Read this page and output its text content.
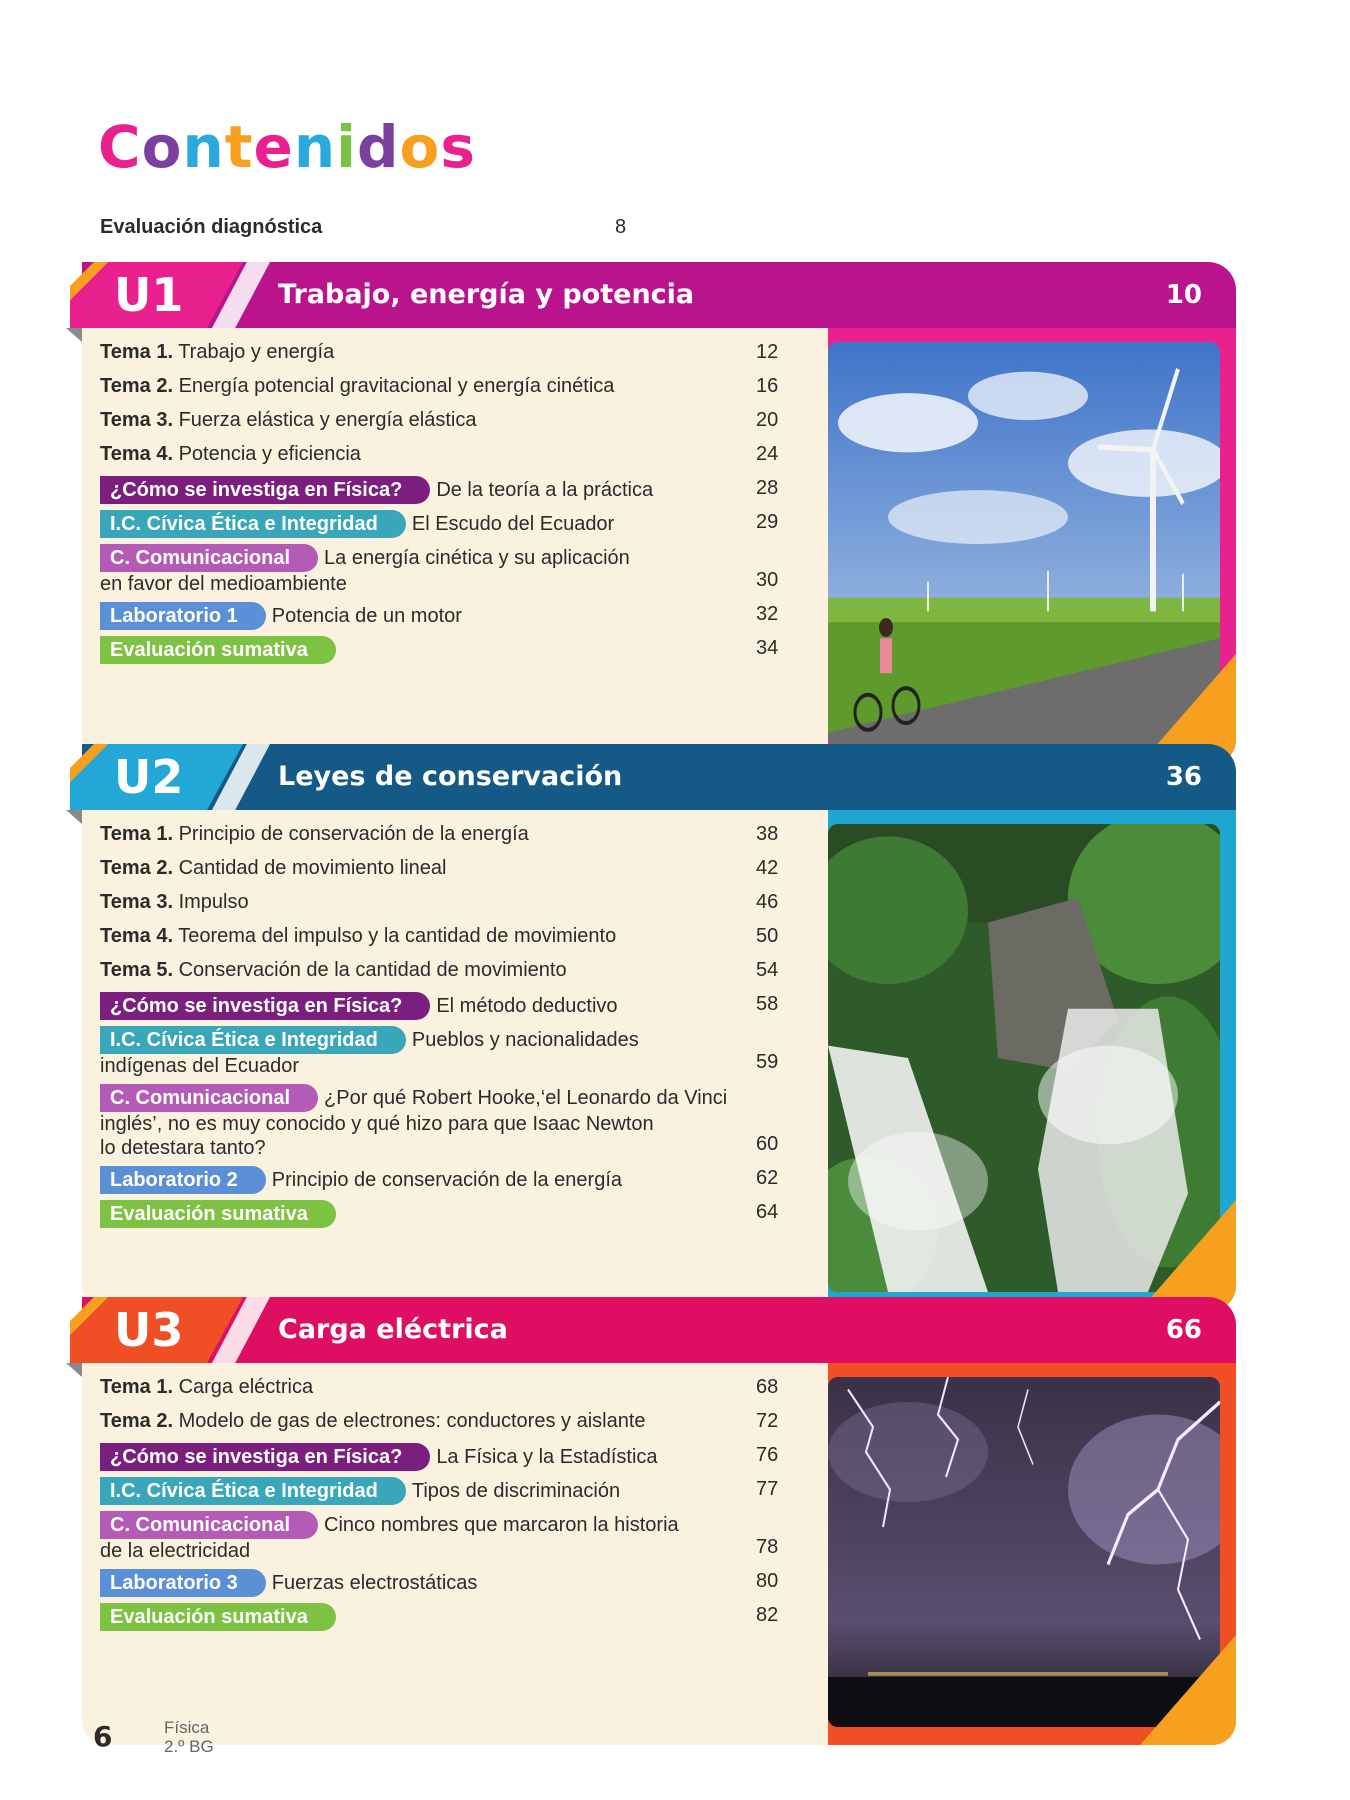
Contenidos
Evaluación diagnóstica	8
Trabajo, energía y potencia	10
U1
Tema 1. Trabajo y energía	12
Tema 2. Energía potencial gravitacional y energía cinética	16
Tema 3. Fuerza elástica y energía elástica	20
Tema 4. Potencia y eficiencia	24
¿Cómo se investiga en Física? De la teoría a la práctica	28
I.C. Cívica Ética e Integridad El Escudo del Ecuador	29
C. Comunicacional La energía cinética y su aplicación
en favor del medioambiente	30
Laboratorio 1 Potencia de un motor	32
Evaluación sumativa	34
Leyes de conservación	36
U2
Tema 1. Principio de conservación de la energía	38
Tema 2. Cantidad de movimiento lineal	42
Tema 3. Impulso	46
Tema 4. Teorema del impulso y la cantidad de movimiento	50
Tema 5. Conservación de la cantidad de movimiento	54
¿Cómo se investiga en Física? El método deductivo	58
I.C. Cívica Ética e Integridad Pueblos y nacionalidades
indígenas del Ecuador	59
C. Comunicacional ¿Por qué Robert Hooke,‘el Leonardo da Vinci
inglés’, no es muy conocido y qué hizo para que Isaac Newton
lo detestara tanto?	60
Laboratorio 2 Principio de conservación de la energía	62
Evaluación sumativa	64
Carga eléctrica	66
U3
Tema 1. Carga eléctrica	68
Tema 2. Modelo de gas de electrones: conductores y aislante	72
¿Cómo se investiga en Física? La Física y la Estadística	76
I.C. Cívica Ética e Integridad Tipos de discriminación	77
C. Comunicacional Cinco nombres que marcaron la historia
de la electricidad	78
Laboratorio 3 Fuerzas electrostáticas	80
Evaluación sumativa	82
6	Física
2.º BG
